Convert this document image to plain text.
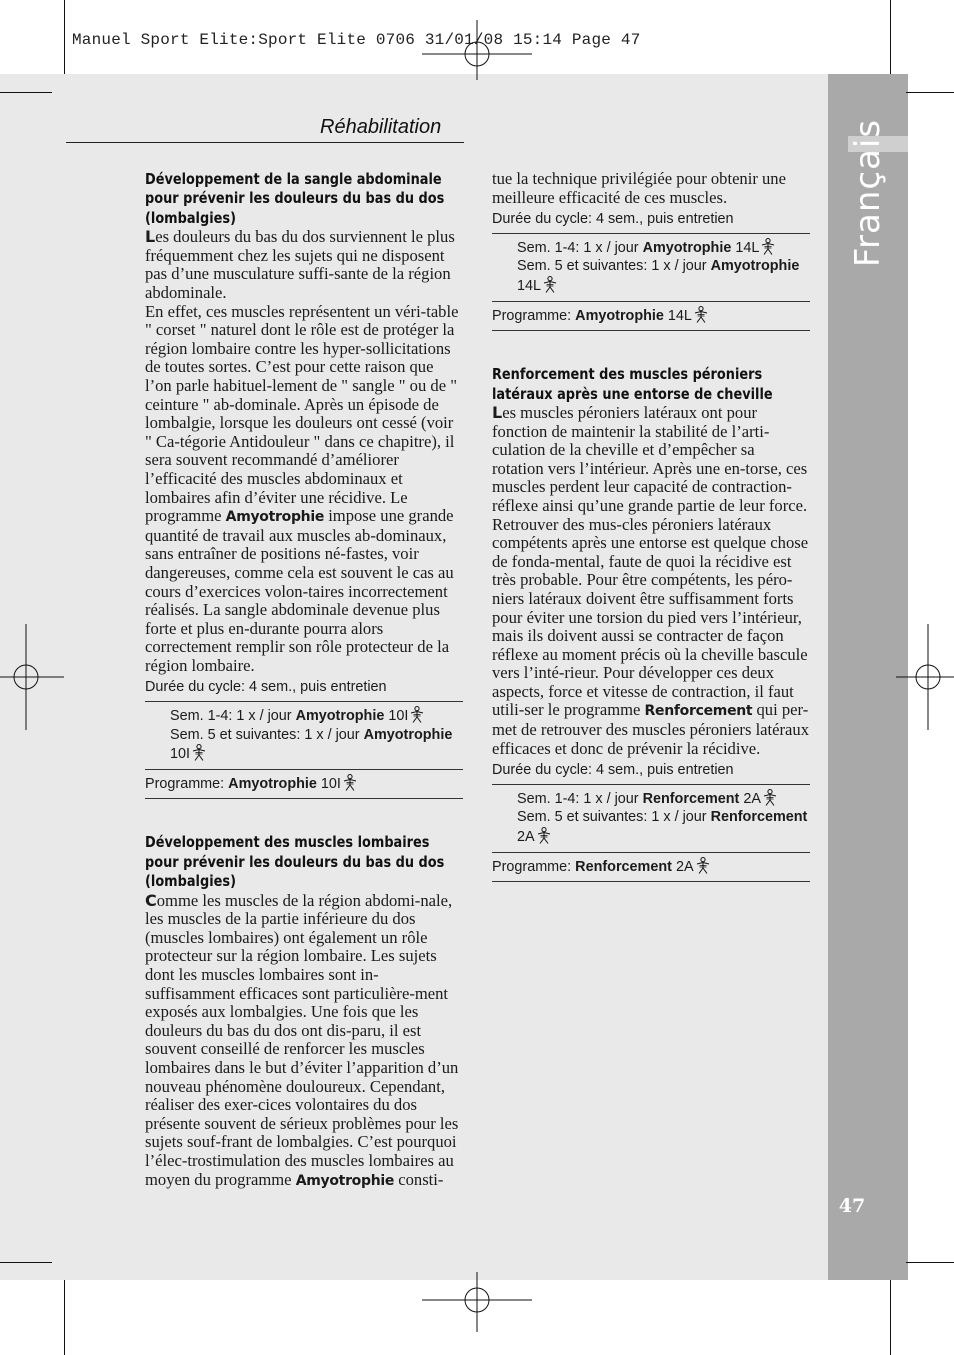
Manuel Sport Elite:Sport Elite 0706 31/01/08 15:14 Page 47
Français
47
Réhabilitation

Développement de la sangle abdominale pour prévenir les douleurs du bas du dos (lombalgies)

Les douleurs du bas du dos surviennent le plus fréquemment chez les sujets qui ne disposent pas d’une musculature suffi-sante de la région abdominale.

En effet, ces muscles représentent un véri-table " corset " naturel dont le rôle est de protéger la région lombaire contre les hyper-sollicitations de toutes sortes. C’est pour cette raison que l’on parle habituel-lement de " sangle " ou de " ceinture " ab-dominale. Après un épisode de lombalgie, lorsque les douleurs ont cessé (voir " Ca-tégorie Antidouleur " dans ce chapitre), il sera souvent recommandé d’améliorer l’efficacité des muscles abdominaux et lombaires afin d’éviter une récidive. Le programme Amyotrophie impose une grande quantité de travail aux muscles ab-dominaux, sans entraîner de positions né-fastes, voir dangereuses, comme cela est souvent le cas au cours d’exercices volon-taires incorrectement réalisés. La sangle abdominale devenue plus forte et plus en-durante pourra alors correctement remplir son rôle protecteur de la région lombaire.

Durée du cycle: 4 sem., puis entretien

Sem. 1-4: 1 x / jour Amyotrophie 10I
Sem. 5 et suivantes: 1 x / jour Amyotrophie 10I
Programme: Amyotrophie 10I

Développement des muscles lombaires pour prévenir les douleurs du bas du dos (lombalgies)

Comme les muscles de la région abdomi-nale, les muscles de la partie inférieure du dos (muscles lombaires) ont également un rôle protecteur sur la région lombaire. Les sujets dont les muscles lombaires sont in-suffisamment efficaces sont particulière-ment exposés aux lombalgies. Une fois que les douleurs du bas du dos ont dis-paru, il est souvent conseillé de renforcer les muscles lombaires dans le but d’éviter l’apparition d’un nouveau phénomène douloureux. Cependant, réaliser des exer-cices volontaires du dos présente souvent de sérieux problèmes pour les sujets souf-frant de lombalgies. C’est pourquoi l’élec-trostimulation des muscles lombaires au moyen du programme Amyotrophie consti-

tue la technique privilégiée pour obtenir une meilleure efficacité de ces muscles.

Durée du cycle: 4 sem., puis entretien

Sem. 1-4: 1 x / jour Amyotrophie 14L
Sem. 5 et suivantes: 1 x / jour Amyotrophie 14L
Programme: Amyotrophie 14L

Renforcement des muscles péroniers latéraux après une entorse de cheville

Les muscles péroniers latéraux ont pour fonction de maintenir la stabilité de l’arti-culation de la cheville et d’empêcher sa rotation vers l’intérieur. Après une en-torse, ces muscles perdent leur capacité de contraction-réflexe ainsi qu’une grande partie de leur force. Retrouver des mus-cles péroniers latéraux compétents après une entorse est quelque chose de fonda-mental, faute de quoi la récidive est très probable. Pour être compétents, les péro-niers latéraux doivent être suffisamment forts pour éviter une torsion du pied vers l’intérieur, mais ils doivent aussi se contracter de façon réflexe au moment précis où la cheville bascule vers l’inté-rieur. Pour développer ces deux aspects, force et vitesse de contraction, il faut utili-ser le programme Renforcement qui per-met de retrouver des muscles péroniers latéraux efficaces et donc de prévenir la récidive.

Durée du cycle: 4 sem., puis entretien

Sem. 1-4: 1 x / jour Renforcement 2A
Sem. 5 et suivantes: 1 x / jour Renforcement 2A
Programme: Renforcement 2A
